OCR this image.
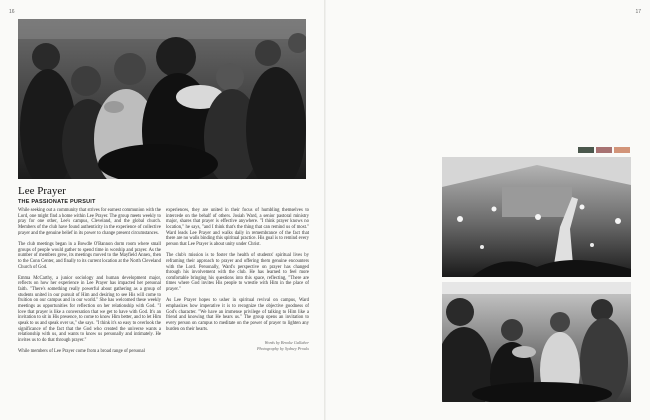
16	17
Lee Prayer
THE PASSIONATE PURSUIT

While seeking out a community that strives for earnest communion with the Lord, one might find a home within Lee Prayer. The group meets weekly to pray for one other, Lee's campus, Cleveland, and the global church. Members of the club have found authenticity in the experience of collective prayer and the genuine belief in its power to change present circumstances.

The club meetings began in a Bowdle O'Bannon dorm room where small groups of people would gather to spend time in worship and prayer. As the number of members grew, its meetings moved to the Mayfield Annex, then to the Conn Center, and finally to its current location at the North Cleveland Church of God.

Emma McCarthy, a junior sociology and human development major, reflects on how her experience in Lee Prayer has impacted her personal faith. "There's something really powerful about gathering as a group of students united in our pursuit of Him and desiring to see His will come to fruition on our campus and in our world." She has welcomed these weekly meetings as opportunities for reflection on her relationship with God. "I love that prayer is like a conversation that we get to have with God. It's an invitation to sit in His presence, to come to know Him better, and to let Him speak to us and speak over us," she says. "I think it's so easy to overlook the significance of the fact that the God who created the universe wants a relationship with us, and wants to know us personally and intimately. He invites us to do that through prayer."

While members of Lee Prayer come from a broad range of personal

experiences, they are united in their focus of humbling themselves to intercede on the behalf of others. Josiah Ward, a senior pastoral ministry major, shares that prayer is effective anywhere. "I think prayer knows no location," he says, "and I think that's the thing that can remind us of most." Ward leads Lee Prayer and walks daily in remembrance of the fact that there are no walls binding this spiritual practice. His goal is to remind every person that Lee Prayer is about unity under Christ.

The club's mission is to foster the health of students' spiritual lives by reframing their approach to prayer and offering them genuine encounters with the Lord. Personally, Ward's perspective on prayer has changed through his involvement with the club. He has learned to feel more comfortable bringing his questions into this space, reflecting, "There are times where God invites His people to wrestle with Him in the place of prayer."

As Lee Prayer hopes to usher in spiritual revival on campus, Ward emphasizes how imperative it is to recognize the objective goodness of God's character. "We have an immense privilege of talking to Him like a friend and knowing that He hears us." The group opens an invitation to every person on campus to meditate on the power of prayer to lighten any burden on their hearts.

Words by Brooke Gallaher
Photography by Sydney Proulx
